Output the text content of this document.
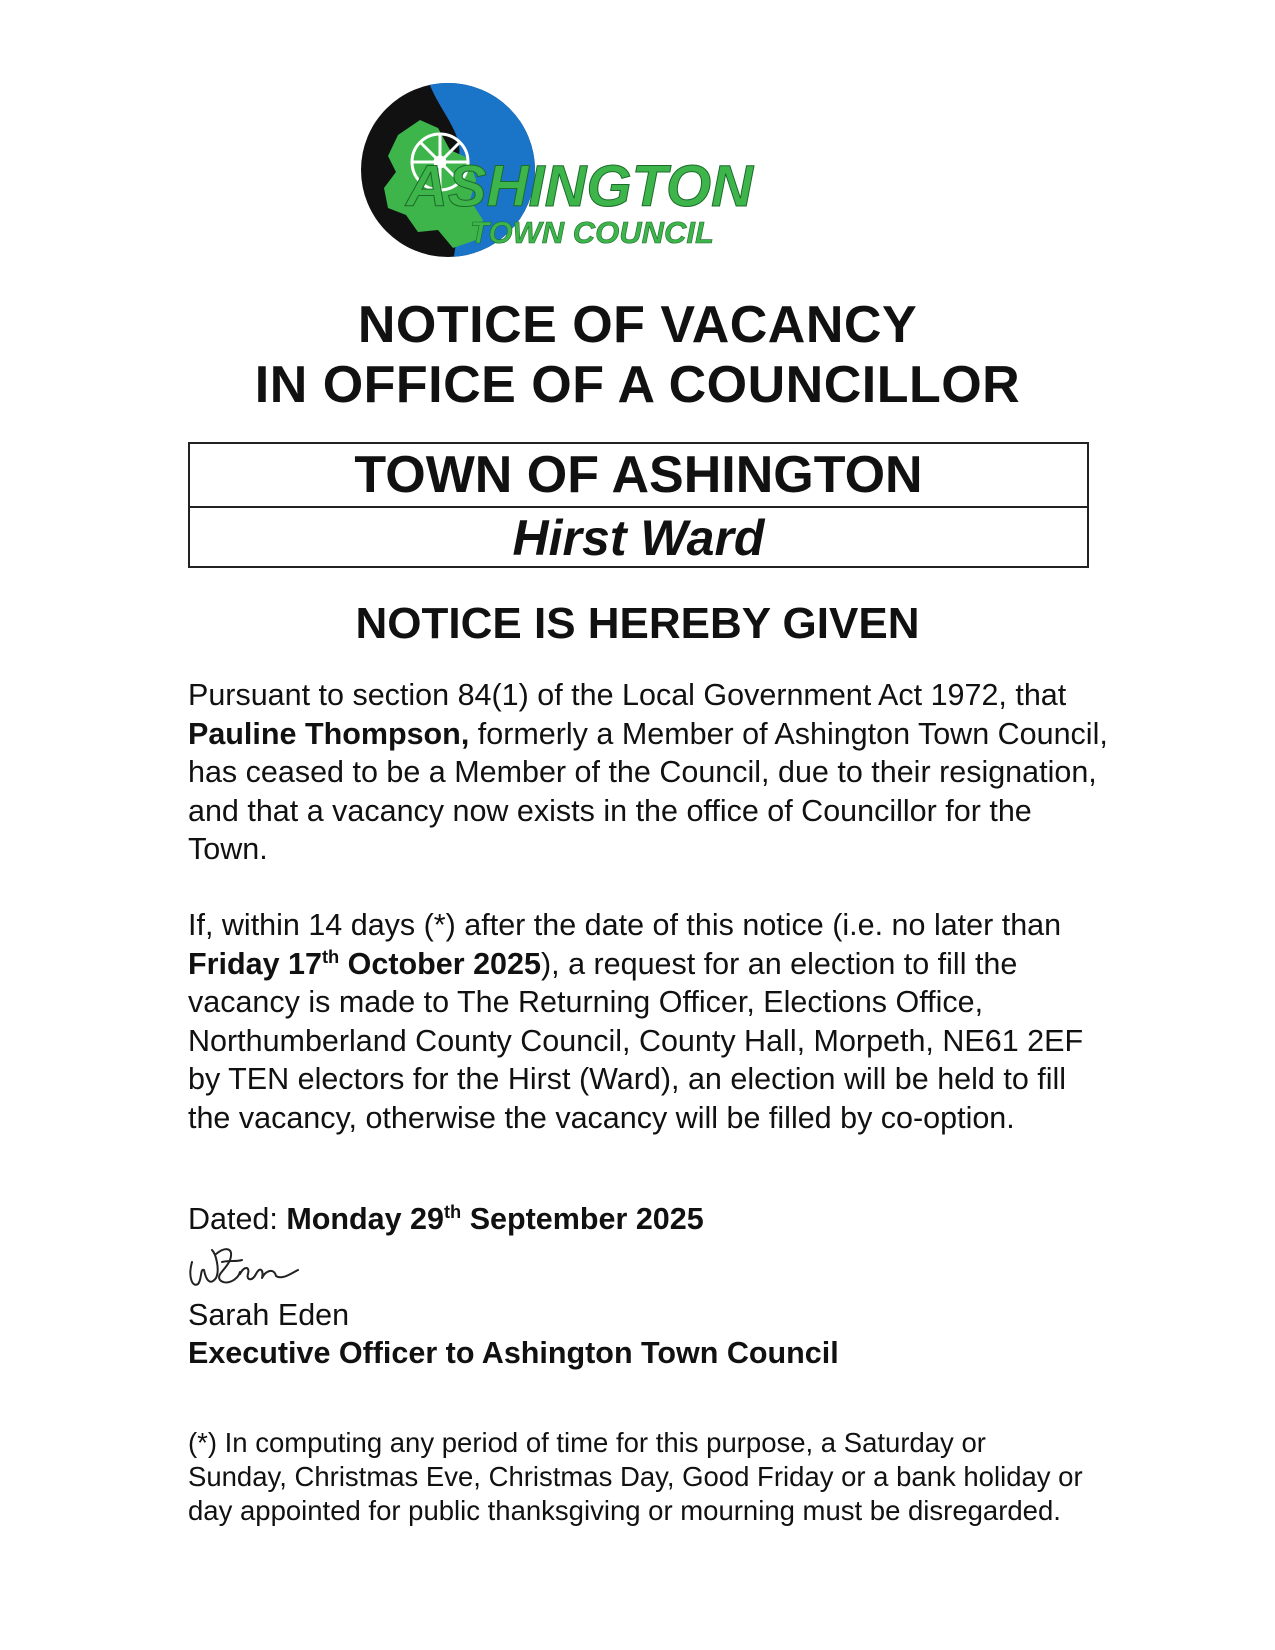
ASHINGTON
TOWN COUNCIL
NOTICE OF VACANCY
IN OFFICE OF A COUNCILLOR
TOWN OF ASHINGTON
Hirst Ward
NOTICE IS HEREBY GIVEN
Pursuant to section 84(1) of the Local Government Act 1972, that Pauline Thompson, formerly a Member of Ashington Town Council, has ceased to be a Member of the Council, due to their resignation, and that a vacancy now exists in the office of Councillor for the Town.
If, within 14 days (*) after the date of this notice (i.e. no later than Friday 17th October 2025), a request for an election to fill the vacancy is made to The Returning Officer, Elections Office, Northumberland County Council, County Hall, Morpeth, NE61 2EF by TEN electors for the Hirst (Ward), an election will be held to fill the vacancy, otherwise the vacancy will be filled by co-option.
Dated: Monday 29th September 2025
Sarah Eden
Executive Officer to Ashington Town Council
(*) In computing any period of time for this purpose, a Saturday or Sunday, Christmas Eve, Christmas Day, Good Friday or a bank holiday or day appointed for public thanksgiving or mourning must be disregarded.
